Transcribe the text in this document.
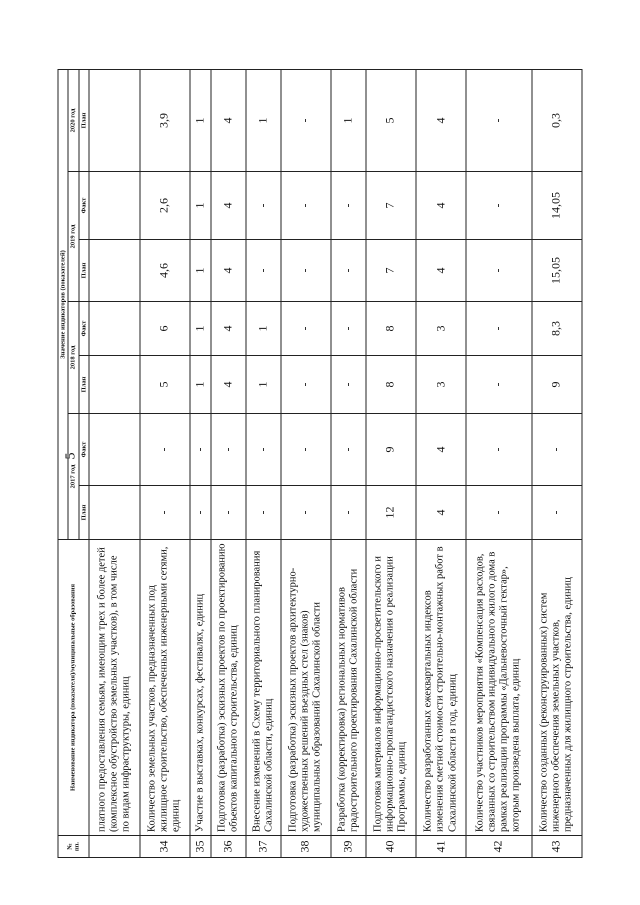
5
№ пп.	Наименование индикатора (показателя)/муниципальные образования	Значение индикаторов (показателей)						
		2017 год		2018 год		2019 год		2020 год
		План	Факт	План	Факт	План	Факт	План
	платного предоставления семьям, имеющим трех и более детей (комплексное обустройство земельных участков), в том числе по видам инфраструктуры, единиц							
34	Количество земельных участков, предназначенных под жилищное строительство, обеспеченных инженерными сетями, единиц	-	-	5	6	4,6	2,6	3,9
35	Участие в выставках, конкурсах, фестивалях, единиц	-	-	1	1	1	1	1
36	Подготовка (разработка) эскизных проектов по проектированию объектов капитального строительства, единиц	-	-	4	4	4	4	4
37	Внесение изменений в Схему территориального планирования Сахалинской области, единиц	-	-	1	1	-	-	1
38	Подготовка (разработка) эскизных проектов архитектурно-художественных решений въездных стел (знаков) муниципальных образований Сахалинской области	-	-	-	-	-	-	-
39	Разработка (корректировка) региональных нормативов градостроительного проектирования Сахалинской области	-	-	-	-	-	-	1
40	Подготовка материалов информационно-просветительского и информационно-пропагандистского назначения о реализации Программы, единиц	12	9	8	8	7	7	5
41	Количество разработанных ежеквартальных индексов изменения сметной стоимости строительно-монтажных работ в Сахалинской области в год, единиц	4	4	3	3	4	4	4
42	Количество участников мероприятия «Компенсация расходов, связанных со строительством индивидуального жилого дома в рамках реализации программы «Дальневосточный гектар», которым произведена выплата, единиц	-	-	-	-	-	-	-
43	Количество созданных (реконструированных) систем инженерного обеспечения земельных участков, предназначенных для жилищного строительства, единиц	-	-	9	8,3	15,05	14,05	0,3
